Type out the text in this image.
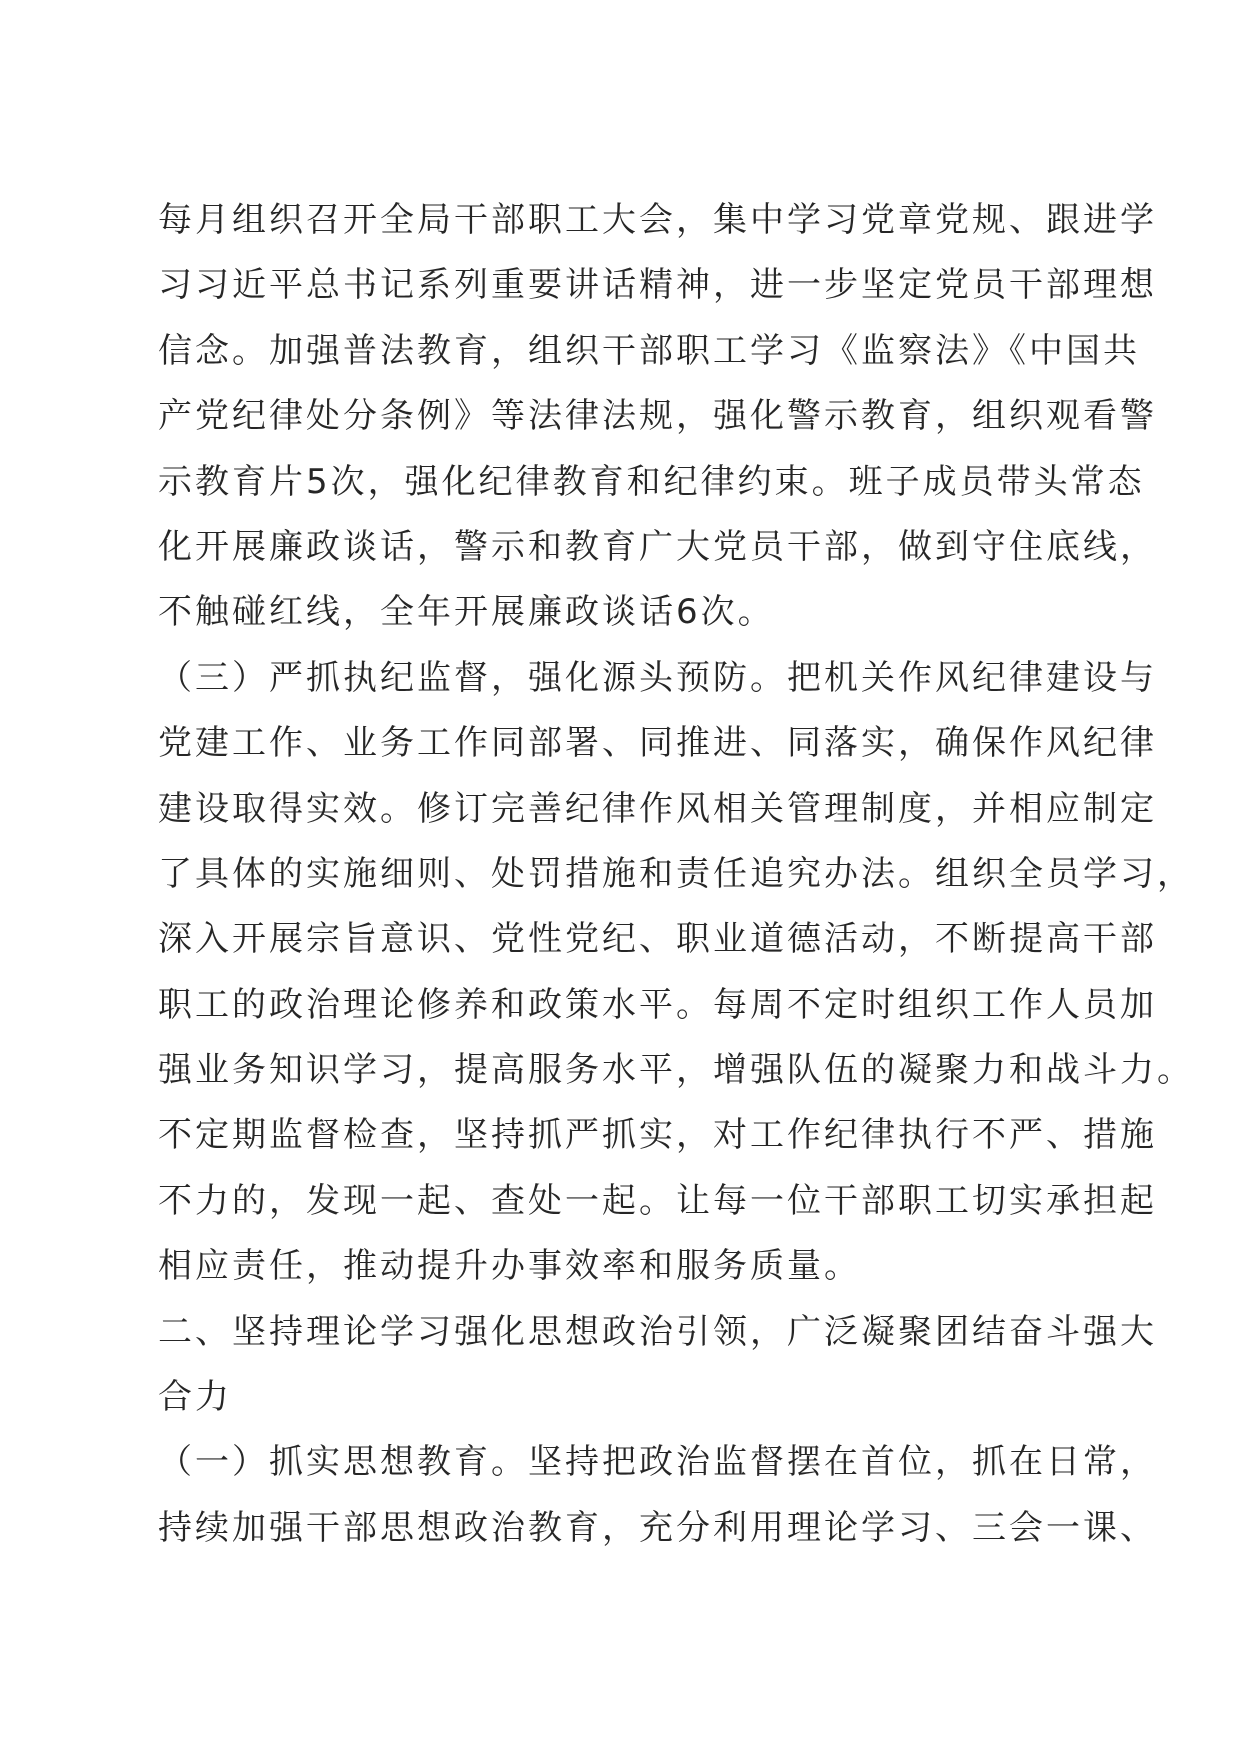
每月组织召开全局干部职工大会，集中学习党章党规、跟进学
习习近平总书记系列重要讲话精神，进一步坚定党员干部理想
信念。加强普法教育，组织干部职工学习《监察法》《中国共
产党纪律处分条例》等法律法规，强化警示教育，组织观看警
示教育片5次，强化纪律教育和纪律约束。班子成员带头常态
化开展廉政谈话，警示和教育广大党员干部，做到守住底线，
不触碰红线，全年开展廉政谈话6次。
（三）严抓执纪监督，强化源头预防。把机关作风纪律建设与
党建工作、业务工作同部署、同推进、同落实，确保作风纪律
建设取得实效。修订完善纪律作风相关管理制度，并相应制定
了具体的实施细则、处罚措施和责任追究办法。组织全员学习，
深入开展宗旨意识、党性党纪、职业道德活动，不断提高干部
职工的政治理论修养和政策水平。每周不定时组织工作人员加
强业务知识学习，提高服务水平，增强队伍的凝聚力和战斗力。
不定期监督检查，坚持抓严抓实，对工作纪律执行不严、措施
不力的，发现一起、查处一起。让每一位干部职工切实承担起
相应责任，推动提升办事效率和服务质量。
二、坚持理论学习强化思想政治引领，广泛凝聚团结奋斗强大
合力
（一）抓实思想教育。坚持把政治监督摆在首位，抓在日常，
持续加强干部思想政治教育，充分利用理论学习、三会一课、
